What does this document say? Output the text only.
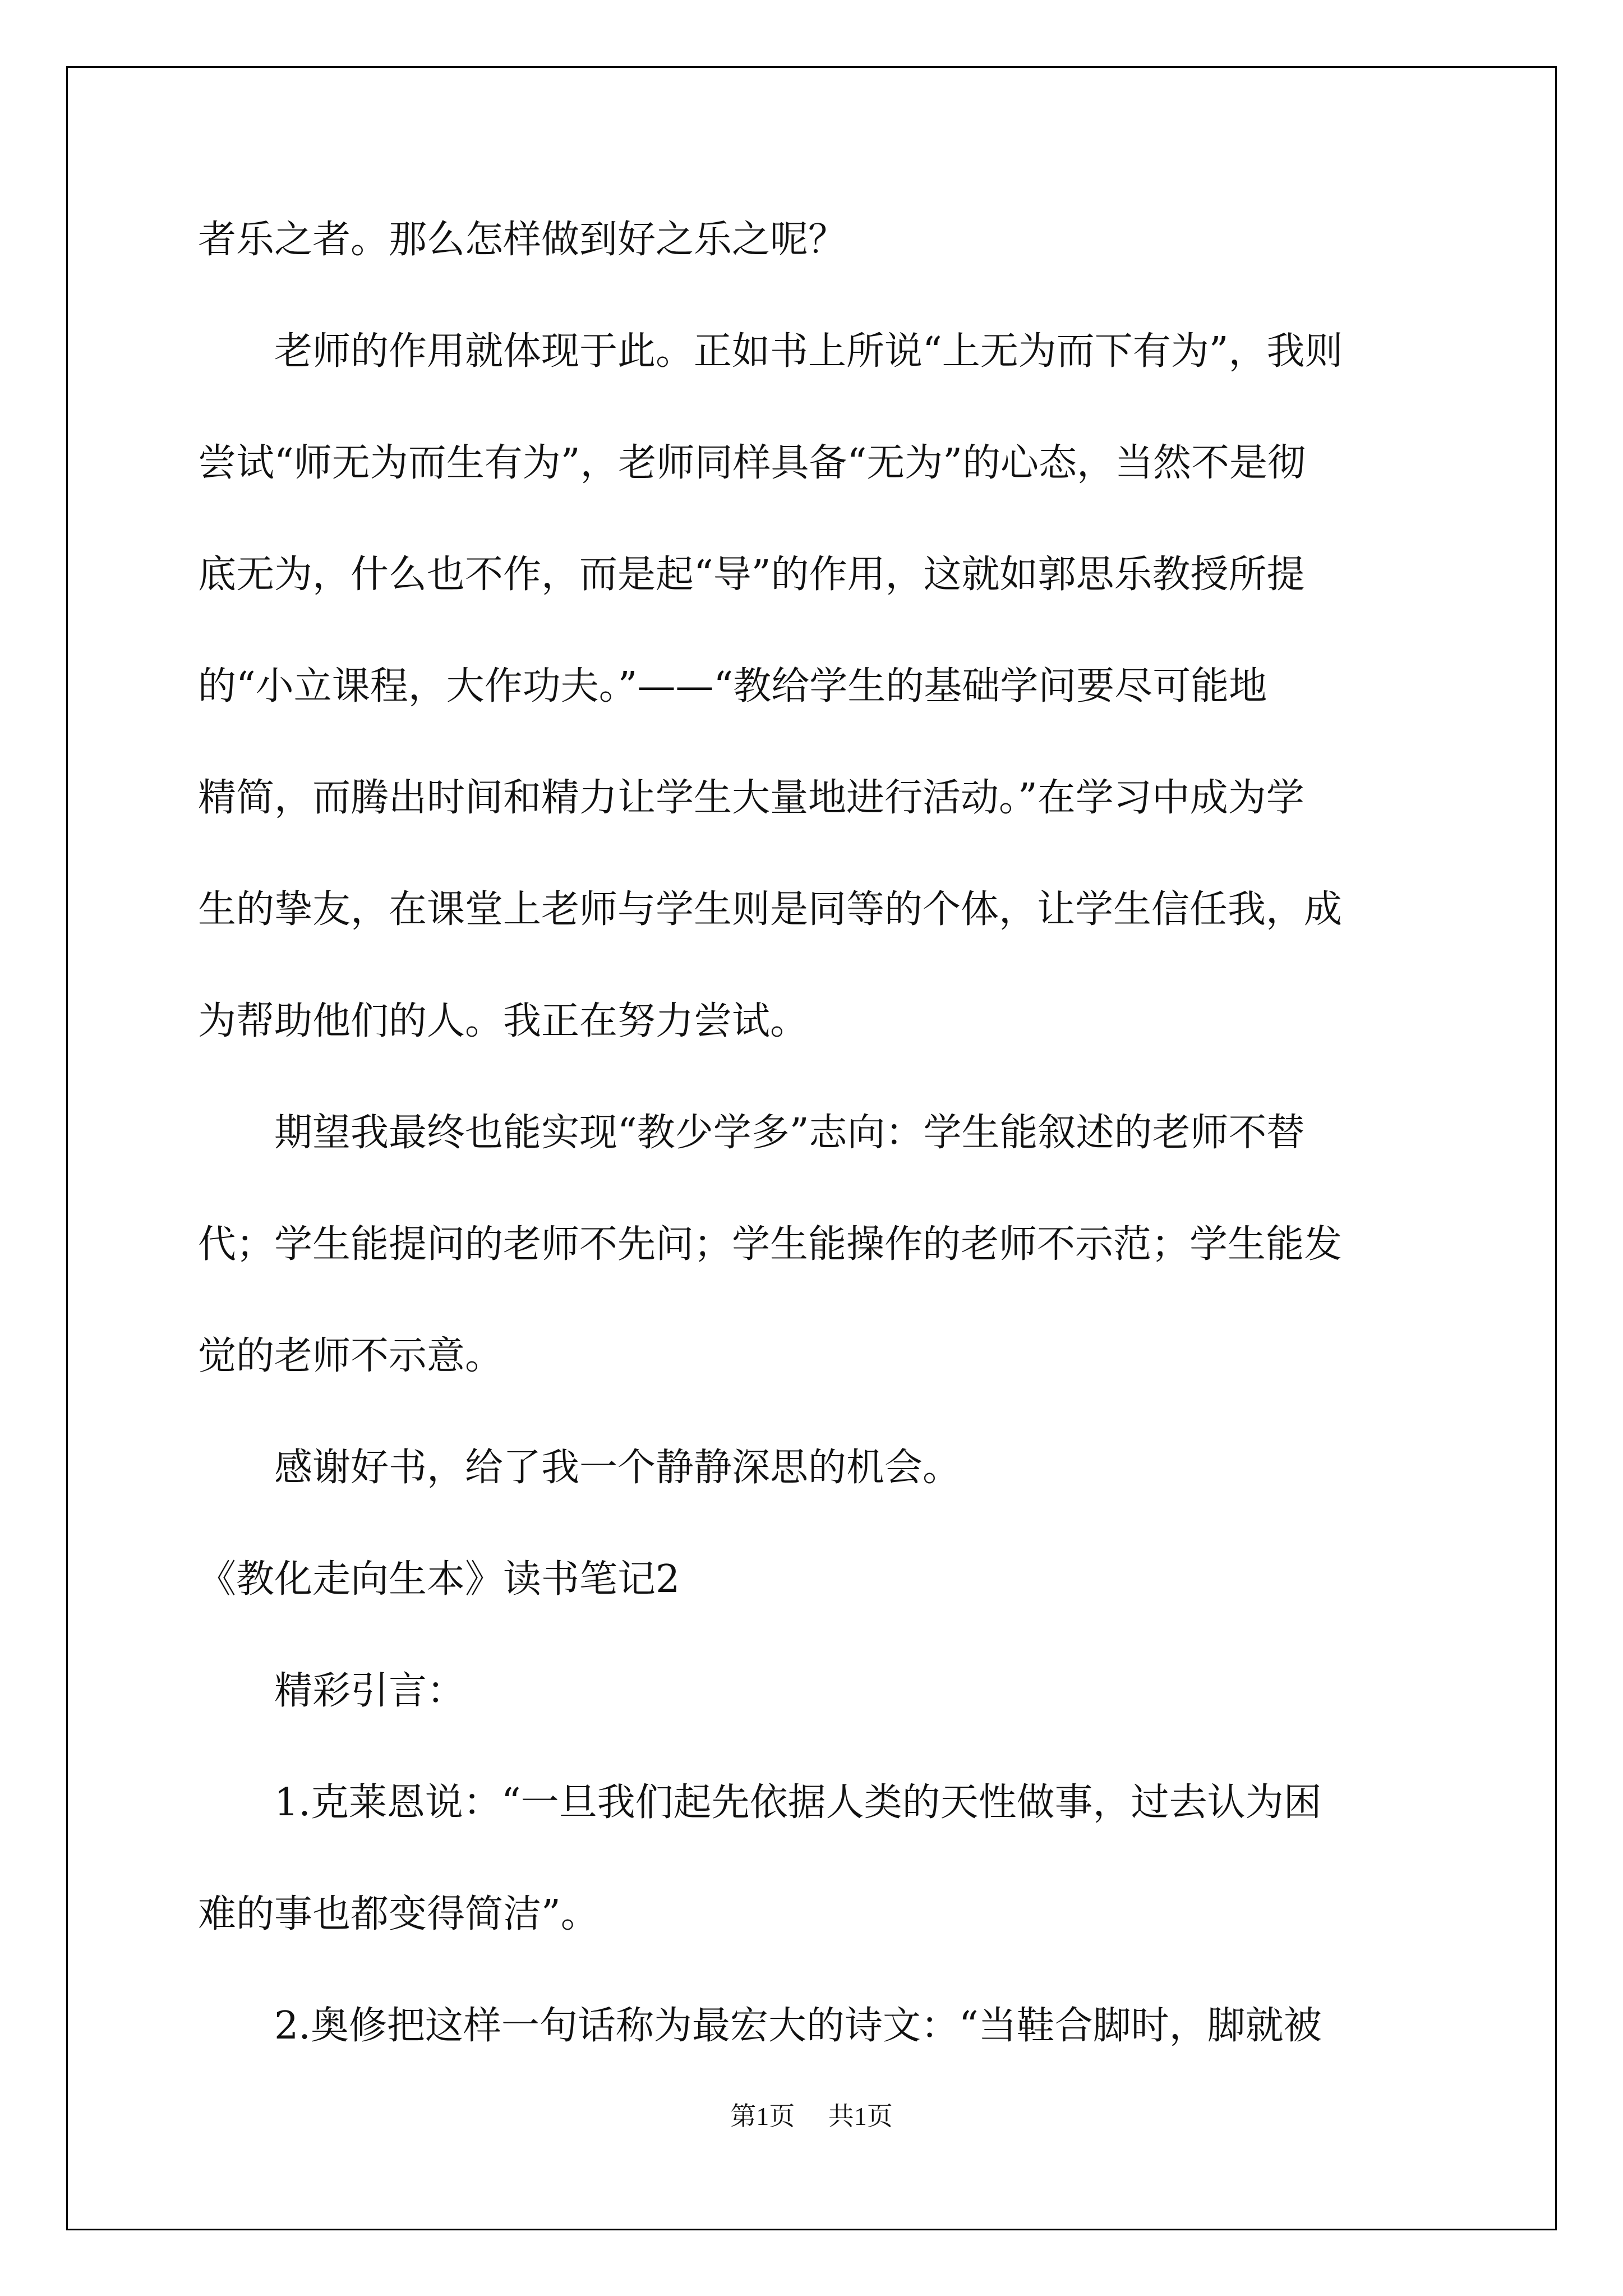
者乐之者。那么怎样做到好之乐之呢？
　　老师的作用就体现于此。正如书上所说“上无为而下有为”，我则
尝试“师无为而生有为”，老师同样具备“无为”的心态，当然不是彻
底无为，什么也不作，而是起“导”的作用，这就如郭思乐教授所提
的“小立课程，大作功夫。”——“教给学生的基础学问要尽可能地
精简，而腾出时间和精力让学生大量地进行活动。”在学习中成为学
生的挚友，在课堂上老师与学生则是同等的个体，让学生信任我，成
为帮助他们的人。我正在努力尝试。
　　期望我最终也能实现“教少学多”志向：学生能叙述的老师不替
代；学生能提问的老师不先问；学生能操作的老师不示范；学生能发
觉的老师不示意。
　　感谢好书，给了我一个静静深思的机会。
《教化走向生本》读书笔记2
　　精彩引言：
　　1.克莱恩说：“一旦我们起先依据人类的天性做事，过去认为困
难的事也都变得简洁”。
　　2.奥修把这样一句话称为最宏大的诗文：“当鞋合脚时，脚就被
第1页 共1页
